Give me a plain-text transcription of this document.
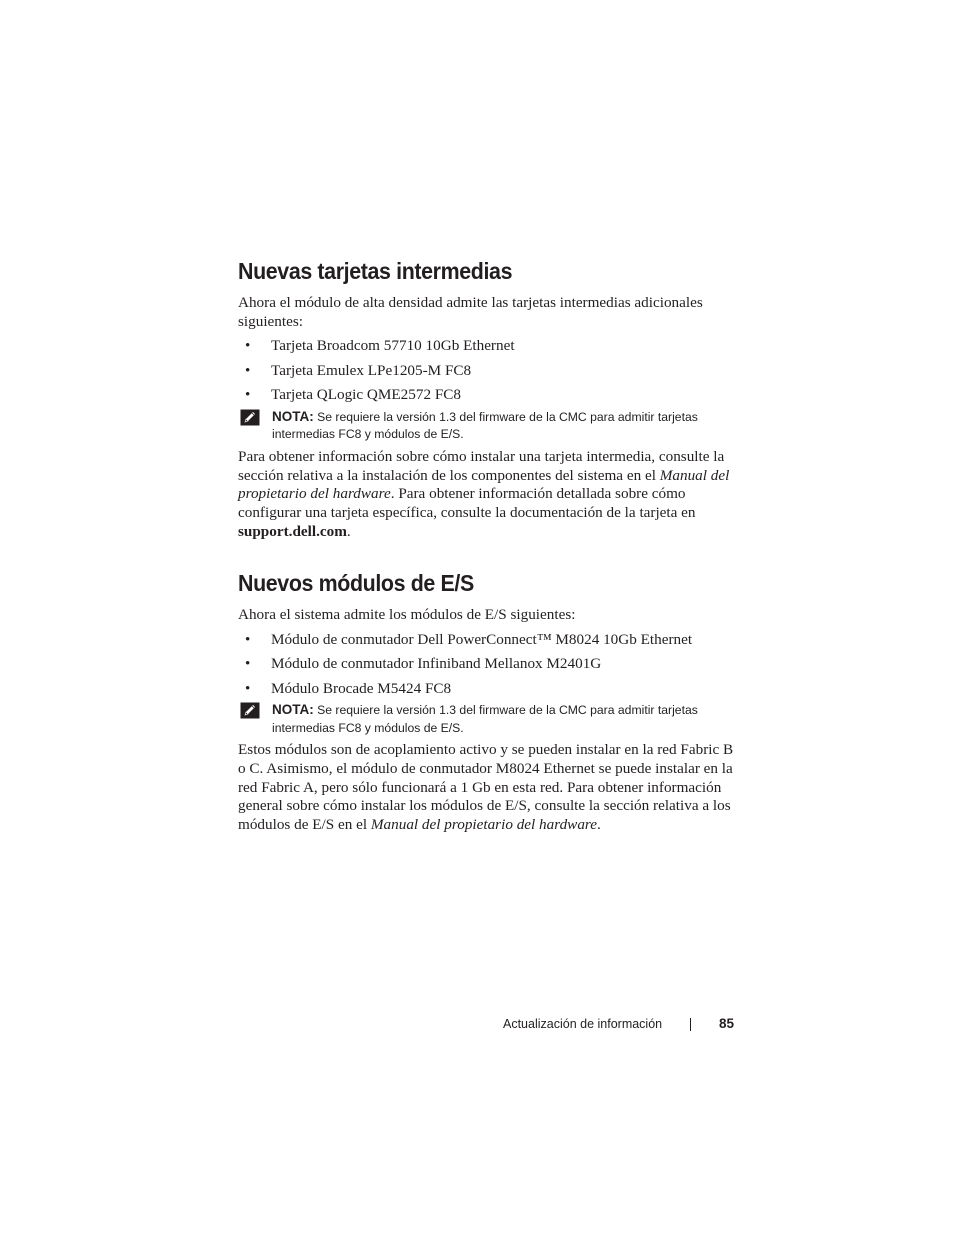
Nuevas tarjetas intermedias

Ahora el módulo de alta densidad admite las tarjetas intermedias adicionales siguientes:

• Tarjeta Broadcom 57710 10Gb Ethernet
• Tarjeta Emulex LPe1205-M FC8
• Tarjeta QLogic QME2572 FC8
NOTA: Se requiere la versión 1.3 del firmware de la CMC para admitir tarjetas intermedias FC8 y módulos de E/S.

Para obtener información sobre cómo instalar una tarjeta intermedia, consulte la sección relativa a la instalación de los componentes del sistema en el Manual del propietario del hardware. Para obtener información detallada sobre cómo configurar una tarjeta específica, consulte la documentación de la tarjeta en support.dell.com.

Nuevos módulos de E/S

Ahora el sistema admite los módulos de E/S siguientes:

• Módulo de conmutador Dell PowerConnect™ M8024 10Gb Ethernet
• Módulo de conmutador Infiniband Mellanox M2401G
• Módulo Brocade M5424 FC8
NOTA: Se requiere la versión 1.3 del firmware de la CMC para admitir tarjetas intermedias FC8 y módulos de E/S.

Estos módulos son de acoplamiento activo y se pueden instalar en la red Fabric B o C. Asimismo, el módulo de conmutador M8024 Ethernet se puede instalar en la red Fabric A, pero sólo funcionará a 1 Gb en esta red. Para obtener información general sobre cómo instalar los módulos de E/S, consulte la sección relativa a los módulos de E/S en el Manual del propietario del hardware.

Actualización de información	85
